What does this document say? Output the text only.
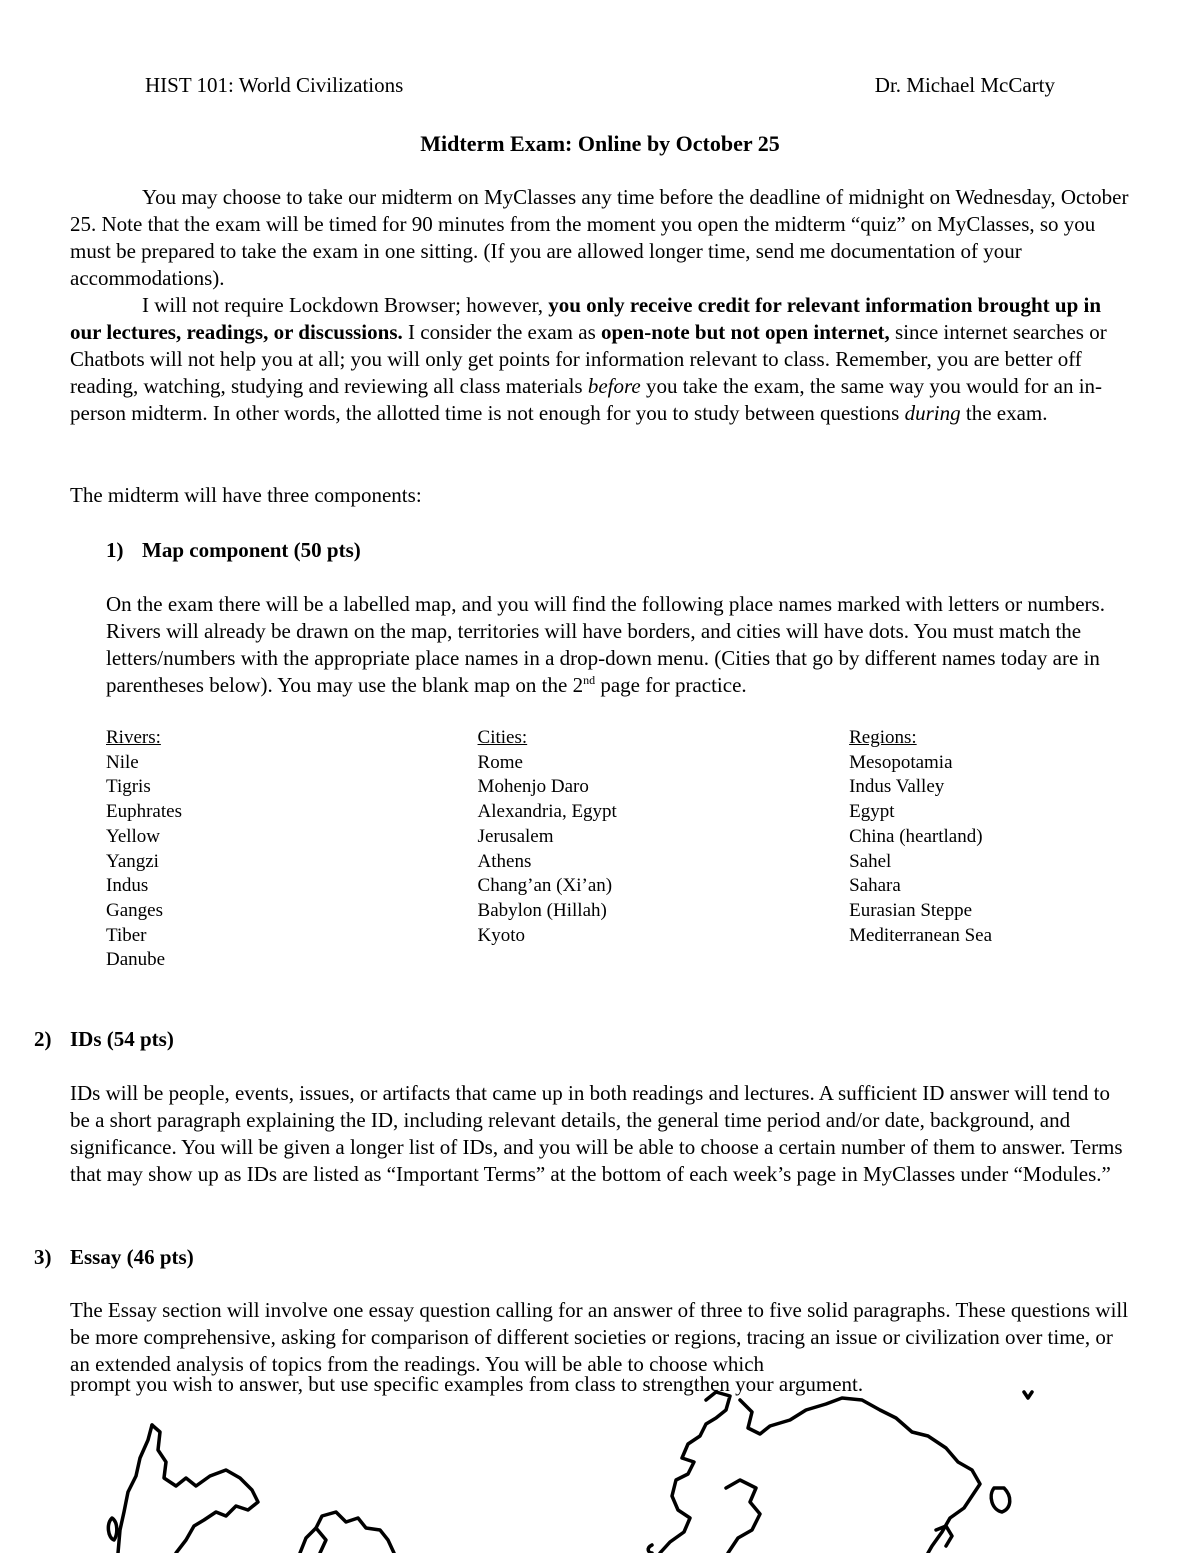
HIST 101: World Civilizations	Dr. Michael McCarty
Midterm Exam: Online by October 25

You may choose to take our midterm on MyClasses any time before the deadline of midnight on Wednesday, October 25. Note that the exam will be timed for 90 minutes from the moment you open the midterm “quiz” on MyClasses, so you must be prepared to take the exam in one sitting. (If you are allowed longer time, send me documentation of your accommodations).

I will not require Lockdown Browser; however, you only receive credit for relevant information brought up in our lectures, readings, or discussions. I consider the exam as open-note but not open internet, since internet searches or Chatbots will not help you at all; you will only get points for information relevant to class. Remember, you are better off reading, watching, studying and reviewing all class materials before you take the exam, the same way you would for an in-person midterm. In other words, the allotted time is not enough for you to study between questions during the exam.

The midterm will have three components:

1) Map component (50 pts)

On the exam there will be a labelled map, and you will find the following place names marked with letters or numbers. Rivers will already be drawn on the map, territories will have borders, and cities will have dots. You must match the letters/numbers with the appropriate place names in a drop-down menu. (Cities that go by different names today are in parentheses below). You may use the blank map on the 2nd page for practice.

Rivers:
Nile
Tigris
Euphrates
Yellow
Yangzi
Indus
Ganges
Tiber
Danube
Cities:
Rome
Mohenjo Daro
Alexandria, Egypt
Jerusalem
Athens
Chang’an (Xi’an)
Babylon (Hillah)
Kyoto
Regions:
Mesopotamia
Indus Valley
Egypt
China (heartland)
Sahel
Sahara
Eurasian Steppe
Mediterranean Sea
2) IDs (54 pts)

IDs will be people, events, issues, or artifacts that came up in both readings and lectures. A sufficient ID answer will tend to be a short paragraph explaining the ID, including relevant details, the general time period and/or date, background, and significance. You will be given a longer list of IDs, and you will be able to choose a certain number of them to answer. Terms that may show up as IDs are listed as “Important Terms” at the bottom of each week’s page in MyClasses under “Modules.”

3) Essay (46 pts)

The Essay section will involve one essay question calling for an answer of three to five solid paragraphs. These questions will be more comprehensive, asking for comparison of different societies or regions, tracing an issue or civilization over time, or an extended analysis of topics from the readings. You will be able to choose which

prompt you wish to answer, but use specific examples from class to strengthen your argument.
